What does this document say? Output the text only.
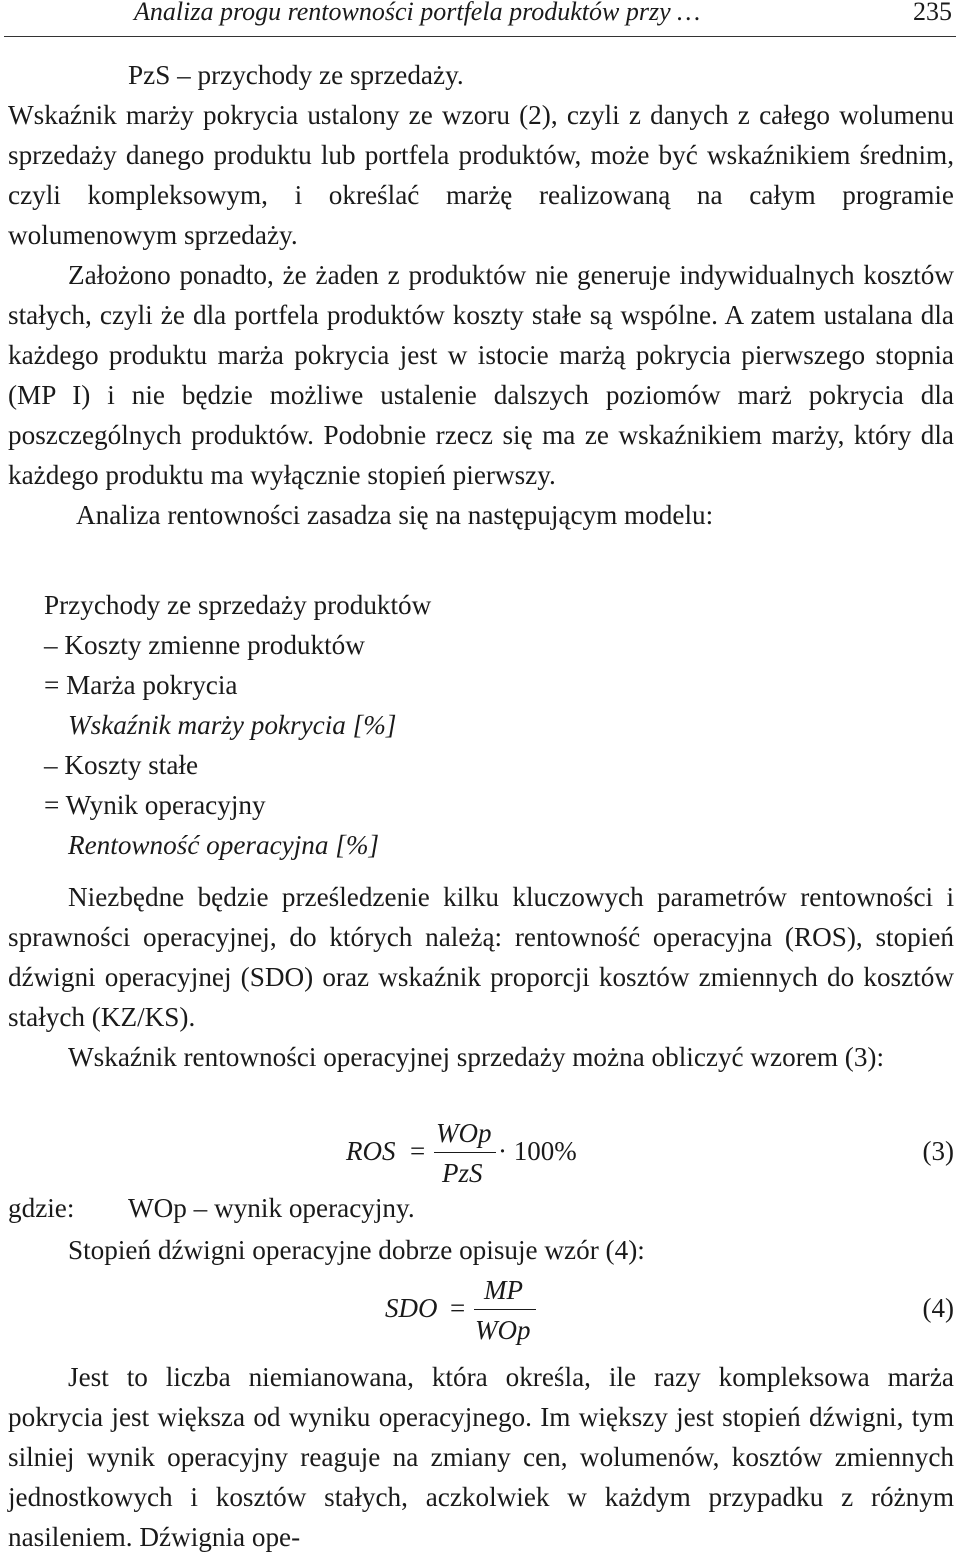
Analiza progu rentowności portfela produktów przy …	235

PzS – przychody ze sprzedaży.

Wskaźnik marży pokrycia ustalony ze wzoru (2), czyli z danych z całego wolumenu sprzedaży danego produktu lub portfela produktów, może być wskaźnikiem średnim, czyli kompleksowym, i określać marżę realizowaną na całym programie wolumenowym sprzedaży.

Założono ponadto, że żaden z produktów nie generuje indywidualnych kosztów stałych, czyli że dla portfela produktów koszty stałe są wspólne. A zatem ustalana dla każdego produktu marża pokrycia jest w istocie marżą pokrycia pierwszego stopnia (MP I) i nie będzie możliwe ustalenie dalszych poziomów marż pokrycia dla poszczególnych produktów. Podobnie rzecz się ma ze wskaźnikiem marży, który dla każdego produktu ma wyłącznie stopień pierwszy.

Analiza rentowności zasadza się na następującym modelu:

Przychody ze sprzedaży produktów
– Koszty zmienne produktów
= Marża pokrycia
Wskaźnik marży pokrycia [%]
– Koszty stałe
= Wynik operacyjny
Rentowność operacyjna [%]

Niezbędne będzie prześledzenie kilku kluczowych parametrów rentowności i sprawności operacyjnej, do których należą: rentowność operacyjna (ROS), stopień dźwigni operacyjnej (SDO) oraz wskaźnik proporcji kosztów zmiennych do kosztów stałych (KZ/KS).

Wskaźnik rentowności operacyjnej sprzedaży można obliczyć wzorem (3):

ROS =
WOp
PzS
· 100%	(3)
gdzie: WOp – wynik operacyjny.

Stopień dźwigni operacyjne dobrze opisuje wzór (4):

SDO =
MP
WOp
(4)

Jest to liczba niemianowana, która określa, ile razy kompleksowa marża pokrycia jest większa od wyniku operacyjnego. Im większy jest stopień dźwigni, tym silniej wynik operacyjny reaguje na zmiany cen, wolumenów, kosztów zmiennych jednostkowych i kosztów stałych, aczkolwiek w każdym przypadku z różnym nasileniem. Dźwignia ope-
